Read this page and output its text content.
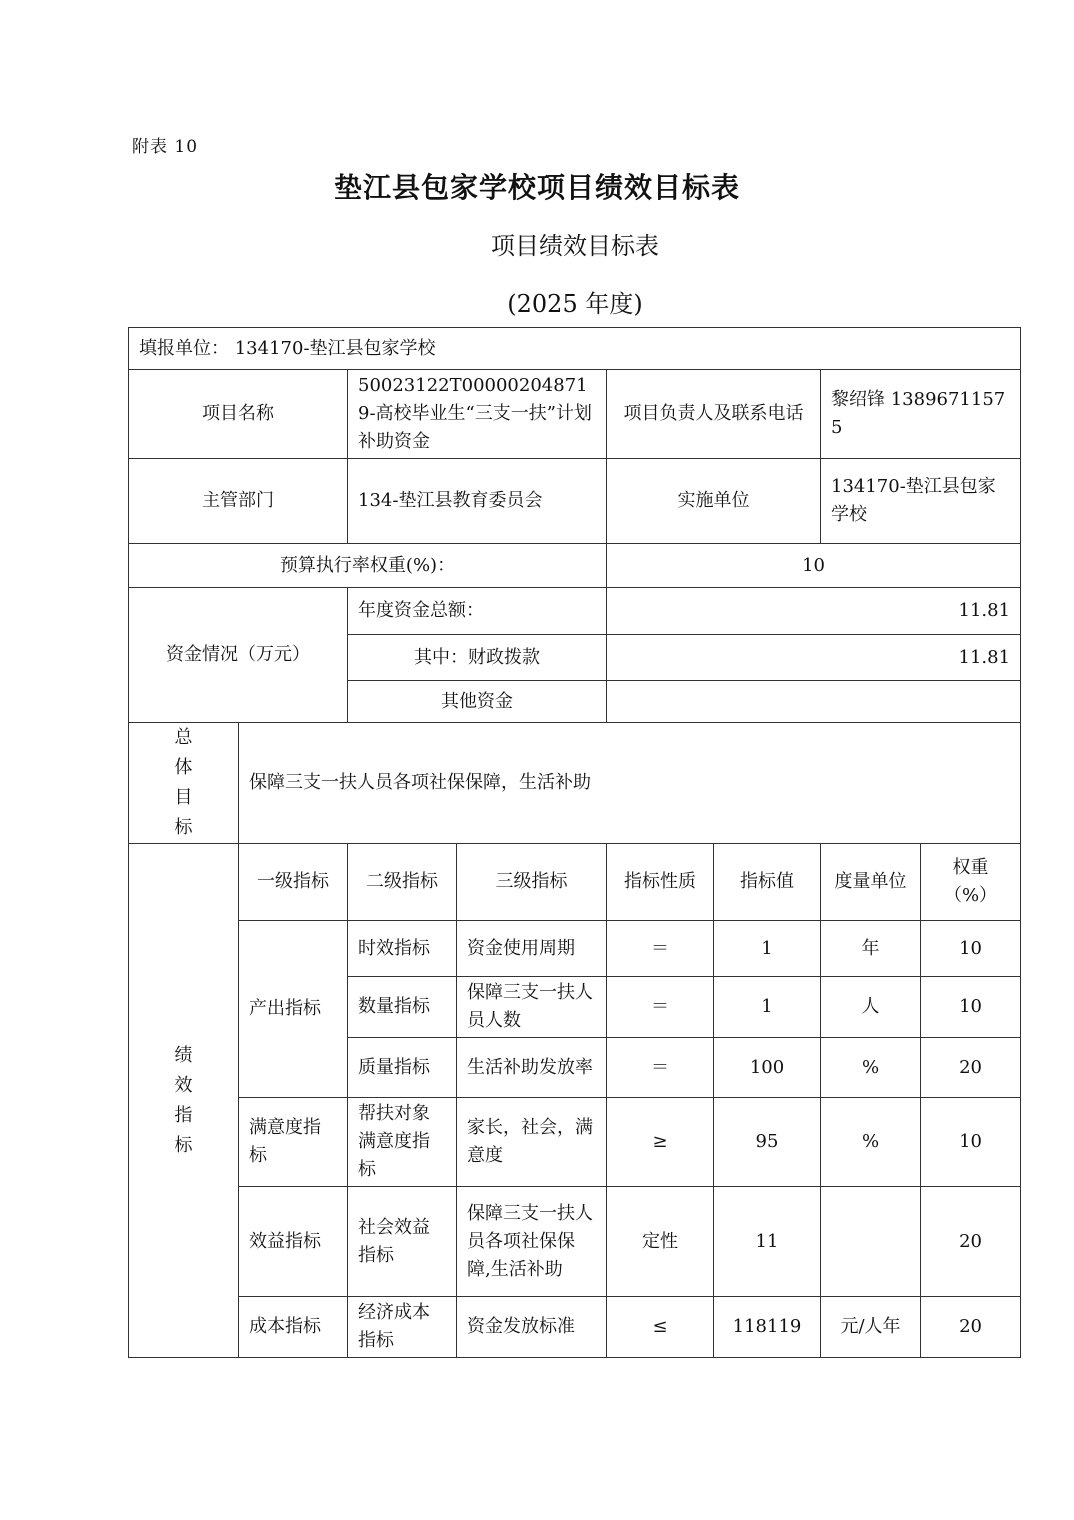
附表 10
垫江县包家学校项目绩效目标表
项目绩效目标表
(2025 年度)
填报单位： 134170-垫江县包家学校							
项目名称		50023122T000002048719-高校毕业生“三支一扶”计划补助资金		项目负责人及联系电话		黎绍锋 13896711575	
主管部门		134-垫江县教育委员会		实施单位		134170-垫江县包家学校	
预算执行率权重(%)：				10			
资金情况（万元）		年度资金总额：		11.81			
		其中：财政拨款		11.81			
		其他资金					
总体目标	保障三支一扶人员各项社保保障，生活补助						
绩效指标	一级指标	二级指标	三级指标	指标性质	指标值	度量单位	权重（%）
	产出指标	时效指标	资金使用周期	＝	1	年	10
		数量指标	保障三支一扶人员人数	＝	1	人	10
		质量指标	生活补助发放率	＝	100	%	20
	满意度指标	帮扶对象满意度指标	家长，社会，满意度	≥	95	%	10
	效益指标	社会效益指标	保障三支一扶人员各项社保保障,生活补助	定性	11		20
	成本指标	经济成本指标	资金发放标准	≤	118119	元/人年	20
